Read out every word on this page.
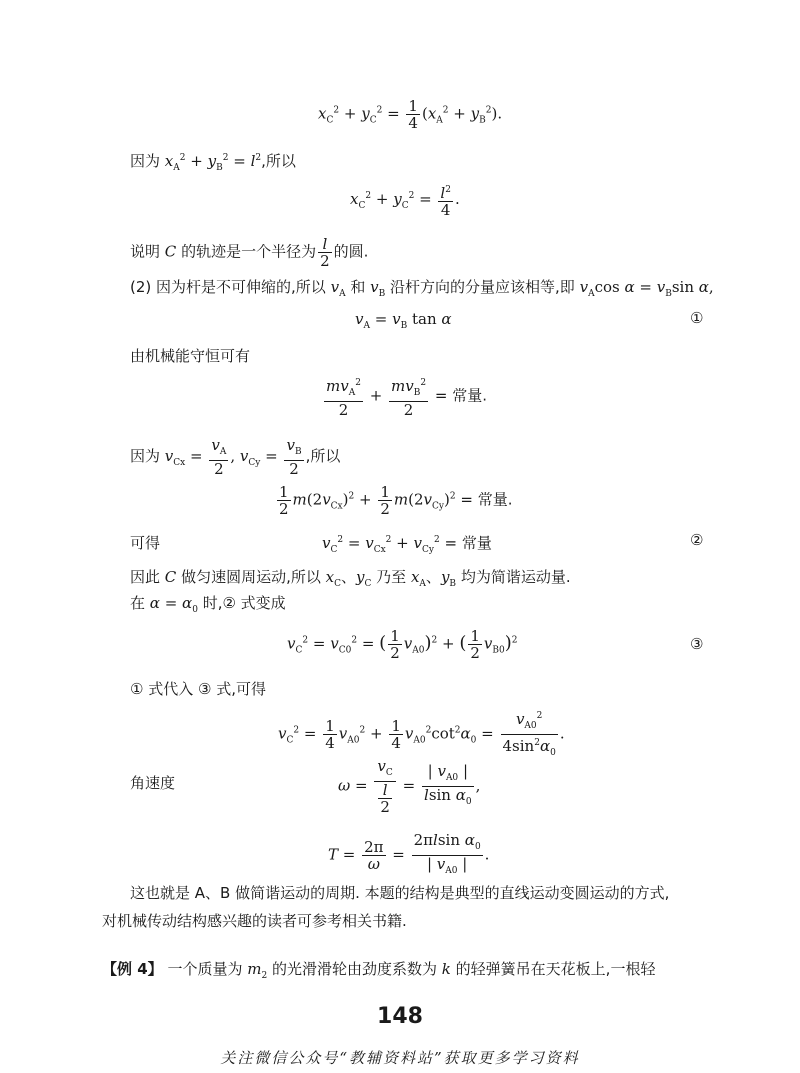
$x_C^2 + y_C^2 = \frac{1}{4} (x_A^2 + y_B^2)$.
因为 $x_A^2 + y_B^2 = l^2$,所以
$x_C^2 + y_C^2 = \frac{l^2}{4}$ .
说明 C 的轨迹是一个半径为 $\frac{l}{2}$ 的圆.
(2) 因为杆是不可伸缩的,所以 $v_A$ 和 $v_B$ 沿杆方向的分量应该相等,即 $v_A\cos$ $\alpha = v_B\sin$ α,
$v_A = v_B$ tan α	①
由机械能守恒可有
$\frac{mv_A^2}{2} + \frac{mv_B^2}{2}$ = 常量.
因为 $v_{Cx} = \frac{v_A}{2}$ , $v_{Cy} = \frac{v_B}{2}$ ,所以
$\frac{1}{2} m(2v_{Cx})^2 + \frac{1}{2} m(2v_{Cy})^2$ = 常量.
可得	$v_C^2 = v_{Cx}^2 + v_{Cy}^2$ = 常量	②
因此 C 做匀速圆周运动,所以 $x_C$、$y_C$ 乃至 $x_A$、$y_B$ 均为简谐运动量.
在 $\alpha = \alpha_0$ 时,② 式变成
$v_C^2 = v_{C0}^2$ = ( $\frac{1}{2} v_{A0})^2$ + ( $\frac{1}{2} v_{B0})^2$	③
① 式代入 ③ 式,可得
$v_C^2 = \frac{1}{4} v_{A0}^2 + \frac{1}{4} v_{A0}^2\cot^2\alpha_0 = \frac{v_{A0}^2}{4\sin^2\alpha_0}$ .
角速度	$\omega = \frac{v_C}{\frac{l}{2}} = \frac{| v_{A0} |}{lsin \alpha_0}$ ,
$T = \frac{2\pi}{\omega} = \frac{2\pi lsin \alpha_0}{| v_{A0} |}$ .
这也就是 A、B 做简谐运动的周期. 本题的结构是典型的直线运动变圆运动的方式,
对机械传动结构感兴趣的读者可参考相关书籍.
【例 4】 一个质量为 $m_2$ 的光滑滑轮由劲度系数为 k 的轻弹簧吊在天花板上,一根轻
148
关注微信公众号“教辅资料站”获取更多学习资料
